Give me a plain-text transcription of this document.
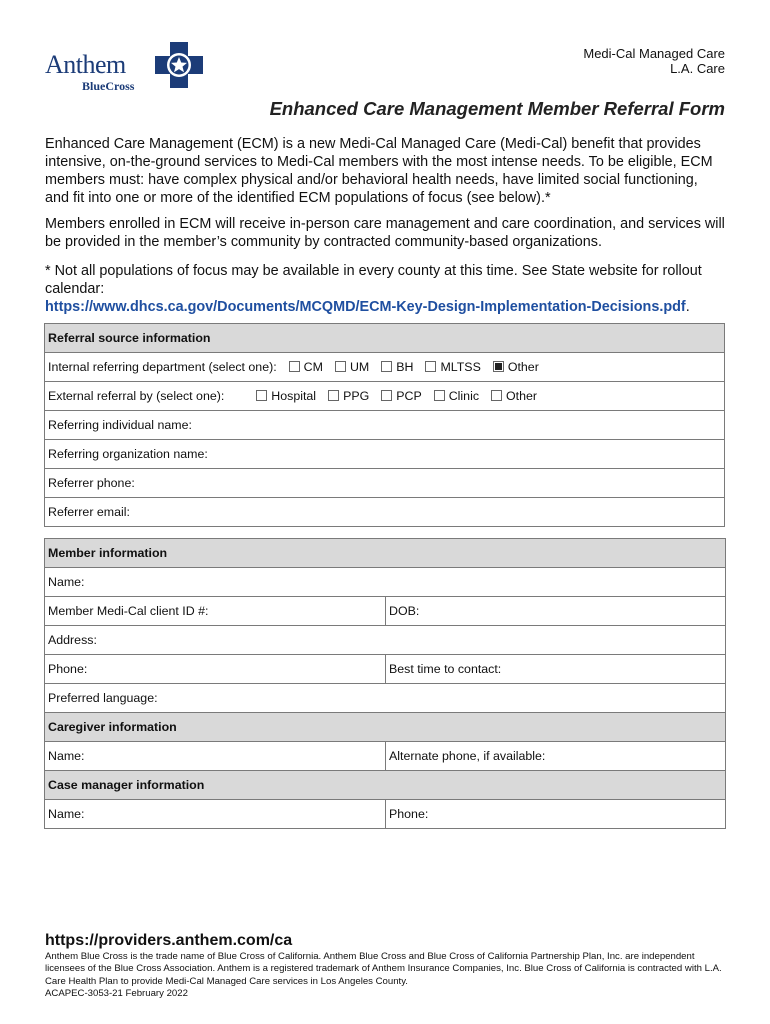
Anthem
BlueCross
Medi-Cal Managed Care
L.A. Care
Enhanced Care Management Member Referral Form

Enhanced Care Management (ECM) is a new Medi-Cal Managed Care (Medi-Cal) benefit that provides intensive, on-the-ground services to Medi-Cal members with the most intense needs. To be eligible, ECM members must: have complex physical and/or behavioral health needs, have limited social functioning, and fit into one or more of the identified ECM populations of focus (see below).*

Members enrolled in ECM will receive in-person care management and care coordination, and services will be provided in the member’s community by contracted community-based organizations.

* Not all populations of focus may be available in every county at this time. See State website for rollout calendar:
https://www.dhcs.ca.gov/Documents/MCQMD/ECM-Key-Design-Implementation-Decisions.pdf.

Referral source information
Internal referring department (select one): CM UM BH MLTSS Other
External referral by (select one):	Hospital PPG PCP Clinic Other
Referring individual name:
Referring organization name:
Referrer phone:
Referrer email:
Member information	
Name:	
Member Medi-Cal client ID #:	DOB:
Address:	
Phone:	Best time to contact:
Preferred language:	
Caregiver information	
Name:	Alternate phone, if available:
Case manager information	
Name:	Phone:
https://providers.anthem.com/ca
Anthem Blue Cross is the trade name of Blue Cross of California. Anthem Blue Cross and Blue Cross of California Partnership Plan, Inc. are independent licensees of the Blue Cross Association. Anthem is a registered trademark of Anthem Insurance Companies, Inc. Blue Cross of California is contracted with L.A. Care Health Plan to provide Medi-Cal Managed Care services in Los Angeles County.
ACAPEC-3053-21 February 2022
